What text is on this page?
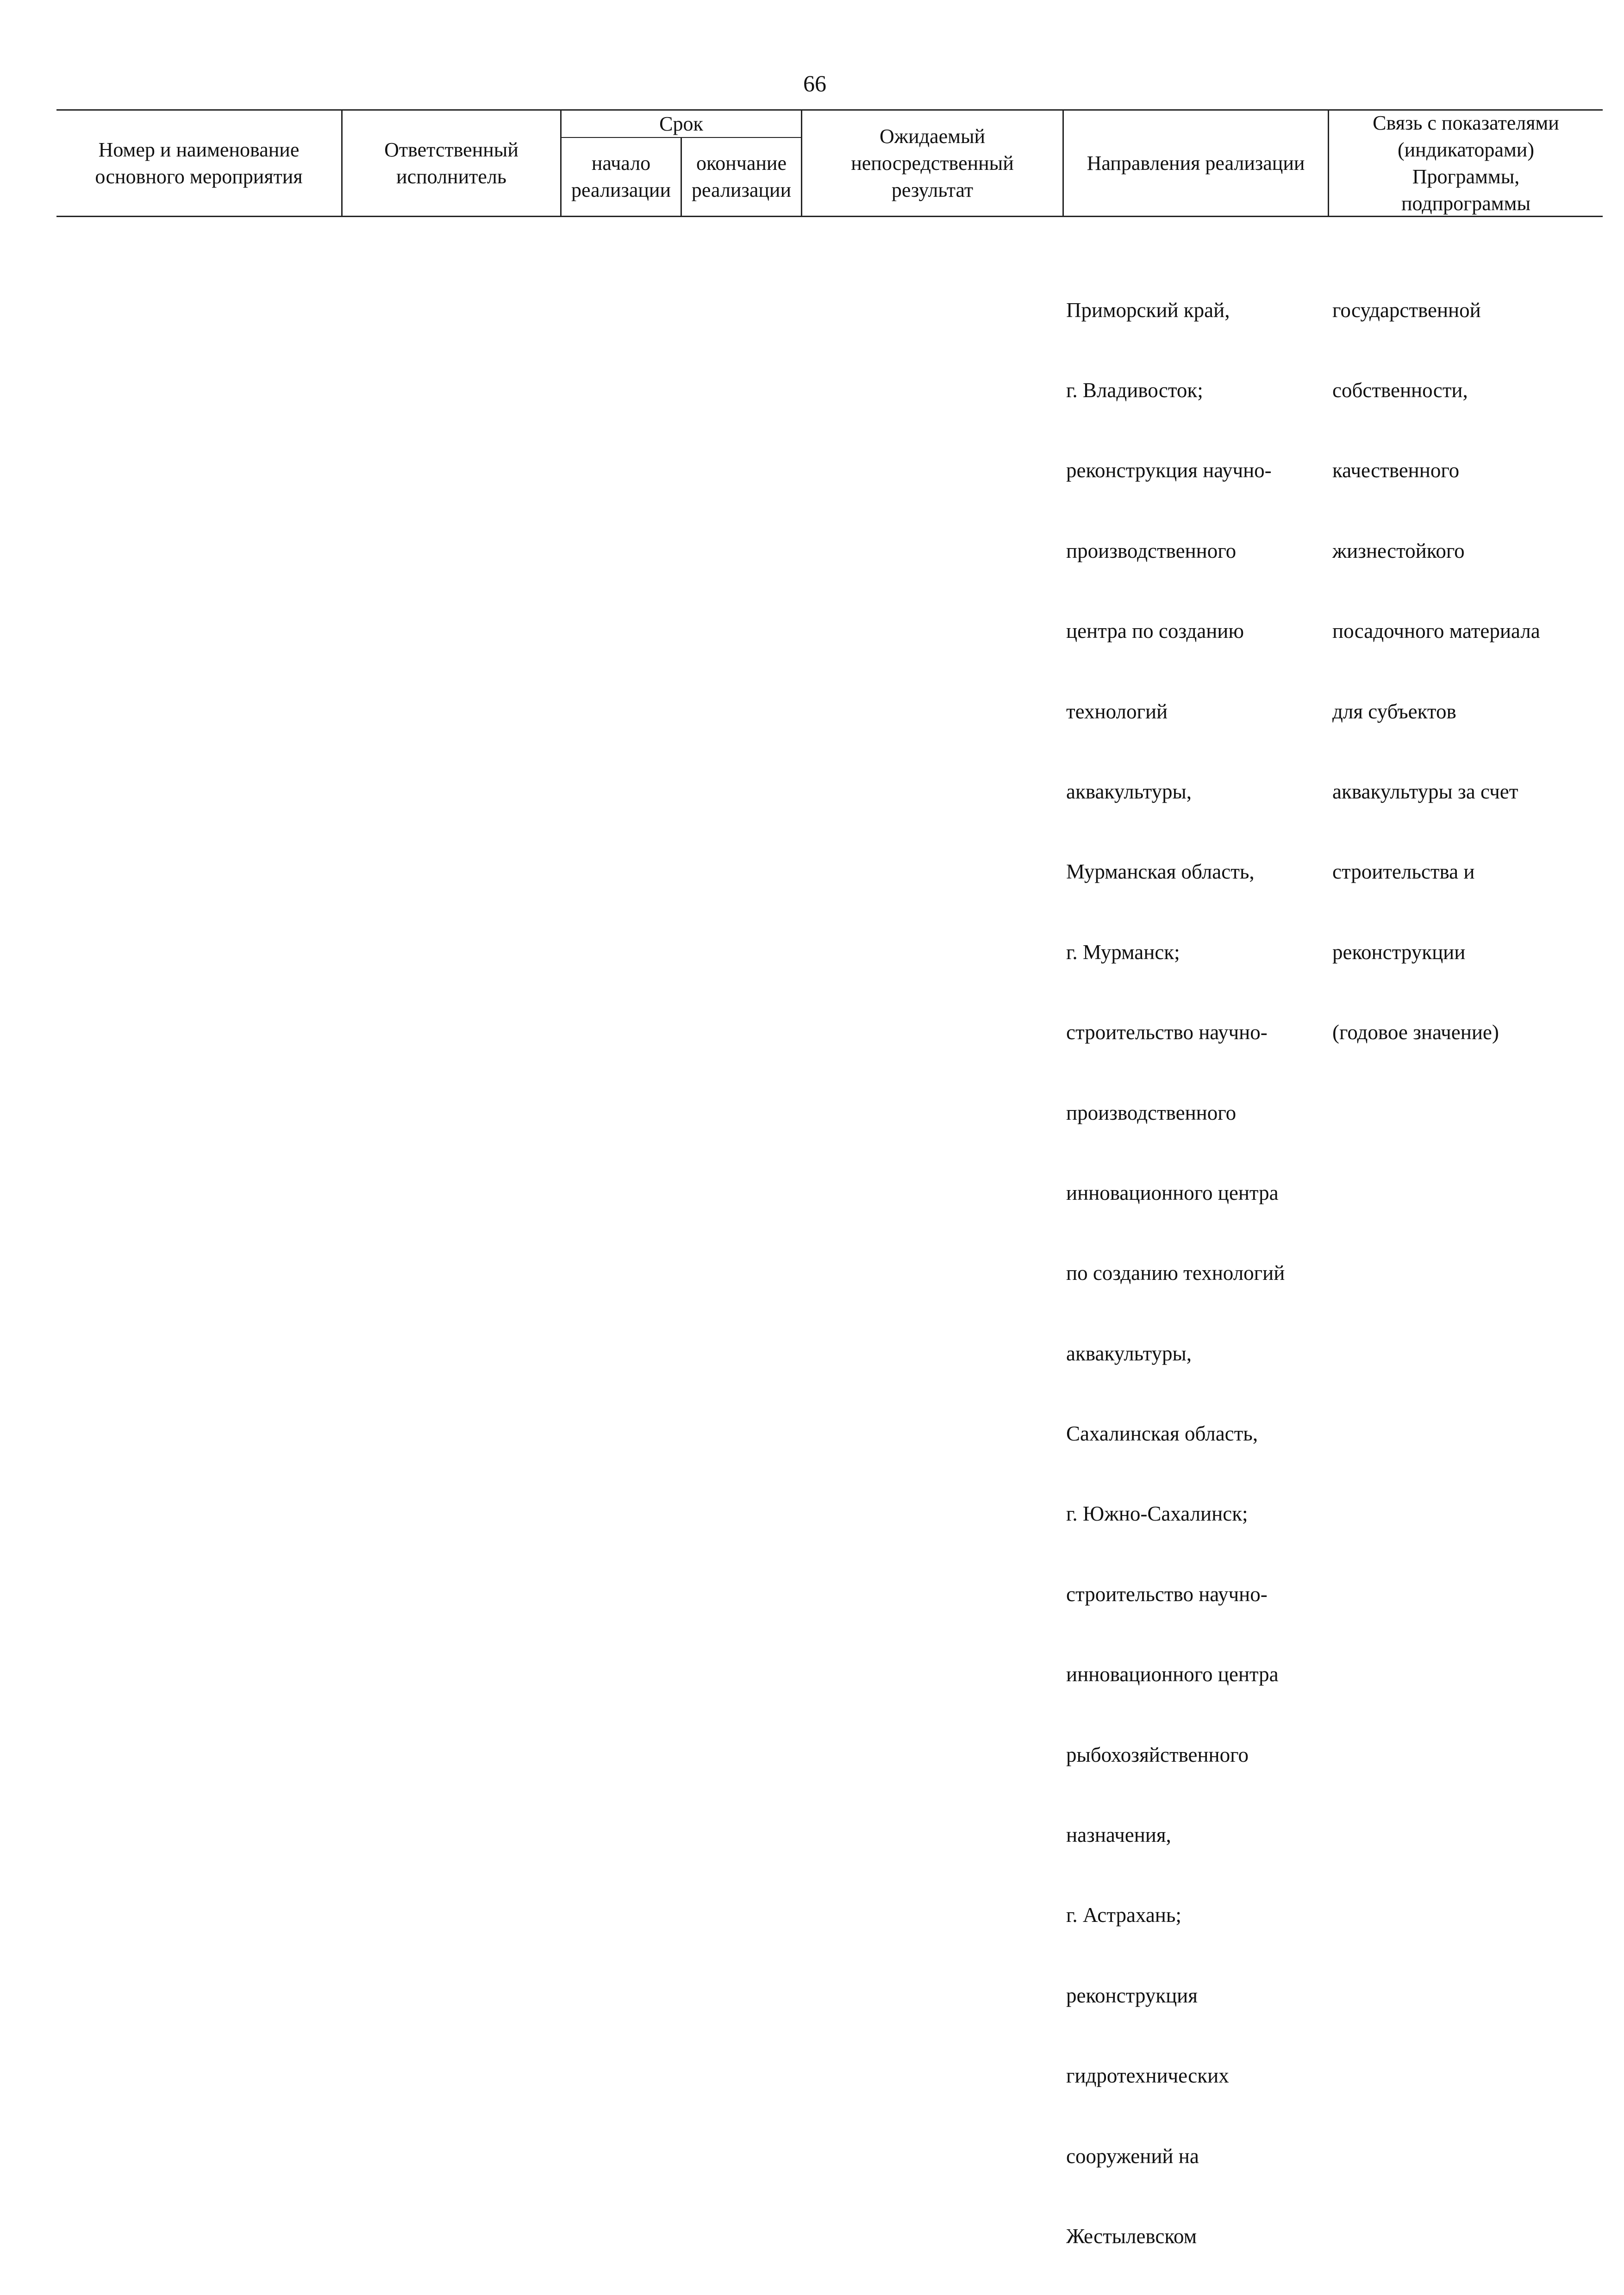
66
Номер и наименование
основного мероприятия
Ответственный
исполнитель
Срок
начало
реализации
окончание
реализации
Ожидаемый
непосредственный
результат
Направления реализации
Связь с показателями
(индикаторами)
Программы,
подпрограммы

Приморский край,

г. Владивосток;

реконструкция научно-

производственного

центра по созданию

технологий

аквакультуры,

Мурманская область,

г. Мурманск;

строительство научно-

производственного

инновационного центра

по созданию технологий

аквакультуры,

Сахалинская область,

г. Южно-Сахалинск;

строительство научно-

инновационного центра

рыбохозяйственного

назначения,

г. Астрахань;

реконструкция

гидротехнических

сооружений на

Жестылевском

государственной

собственности,

качественного

жизнестойкого

посадочного материала

для субъектов

аквакультуры за счет

строительства и

реконструкции

(годовое значение)
